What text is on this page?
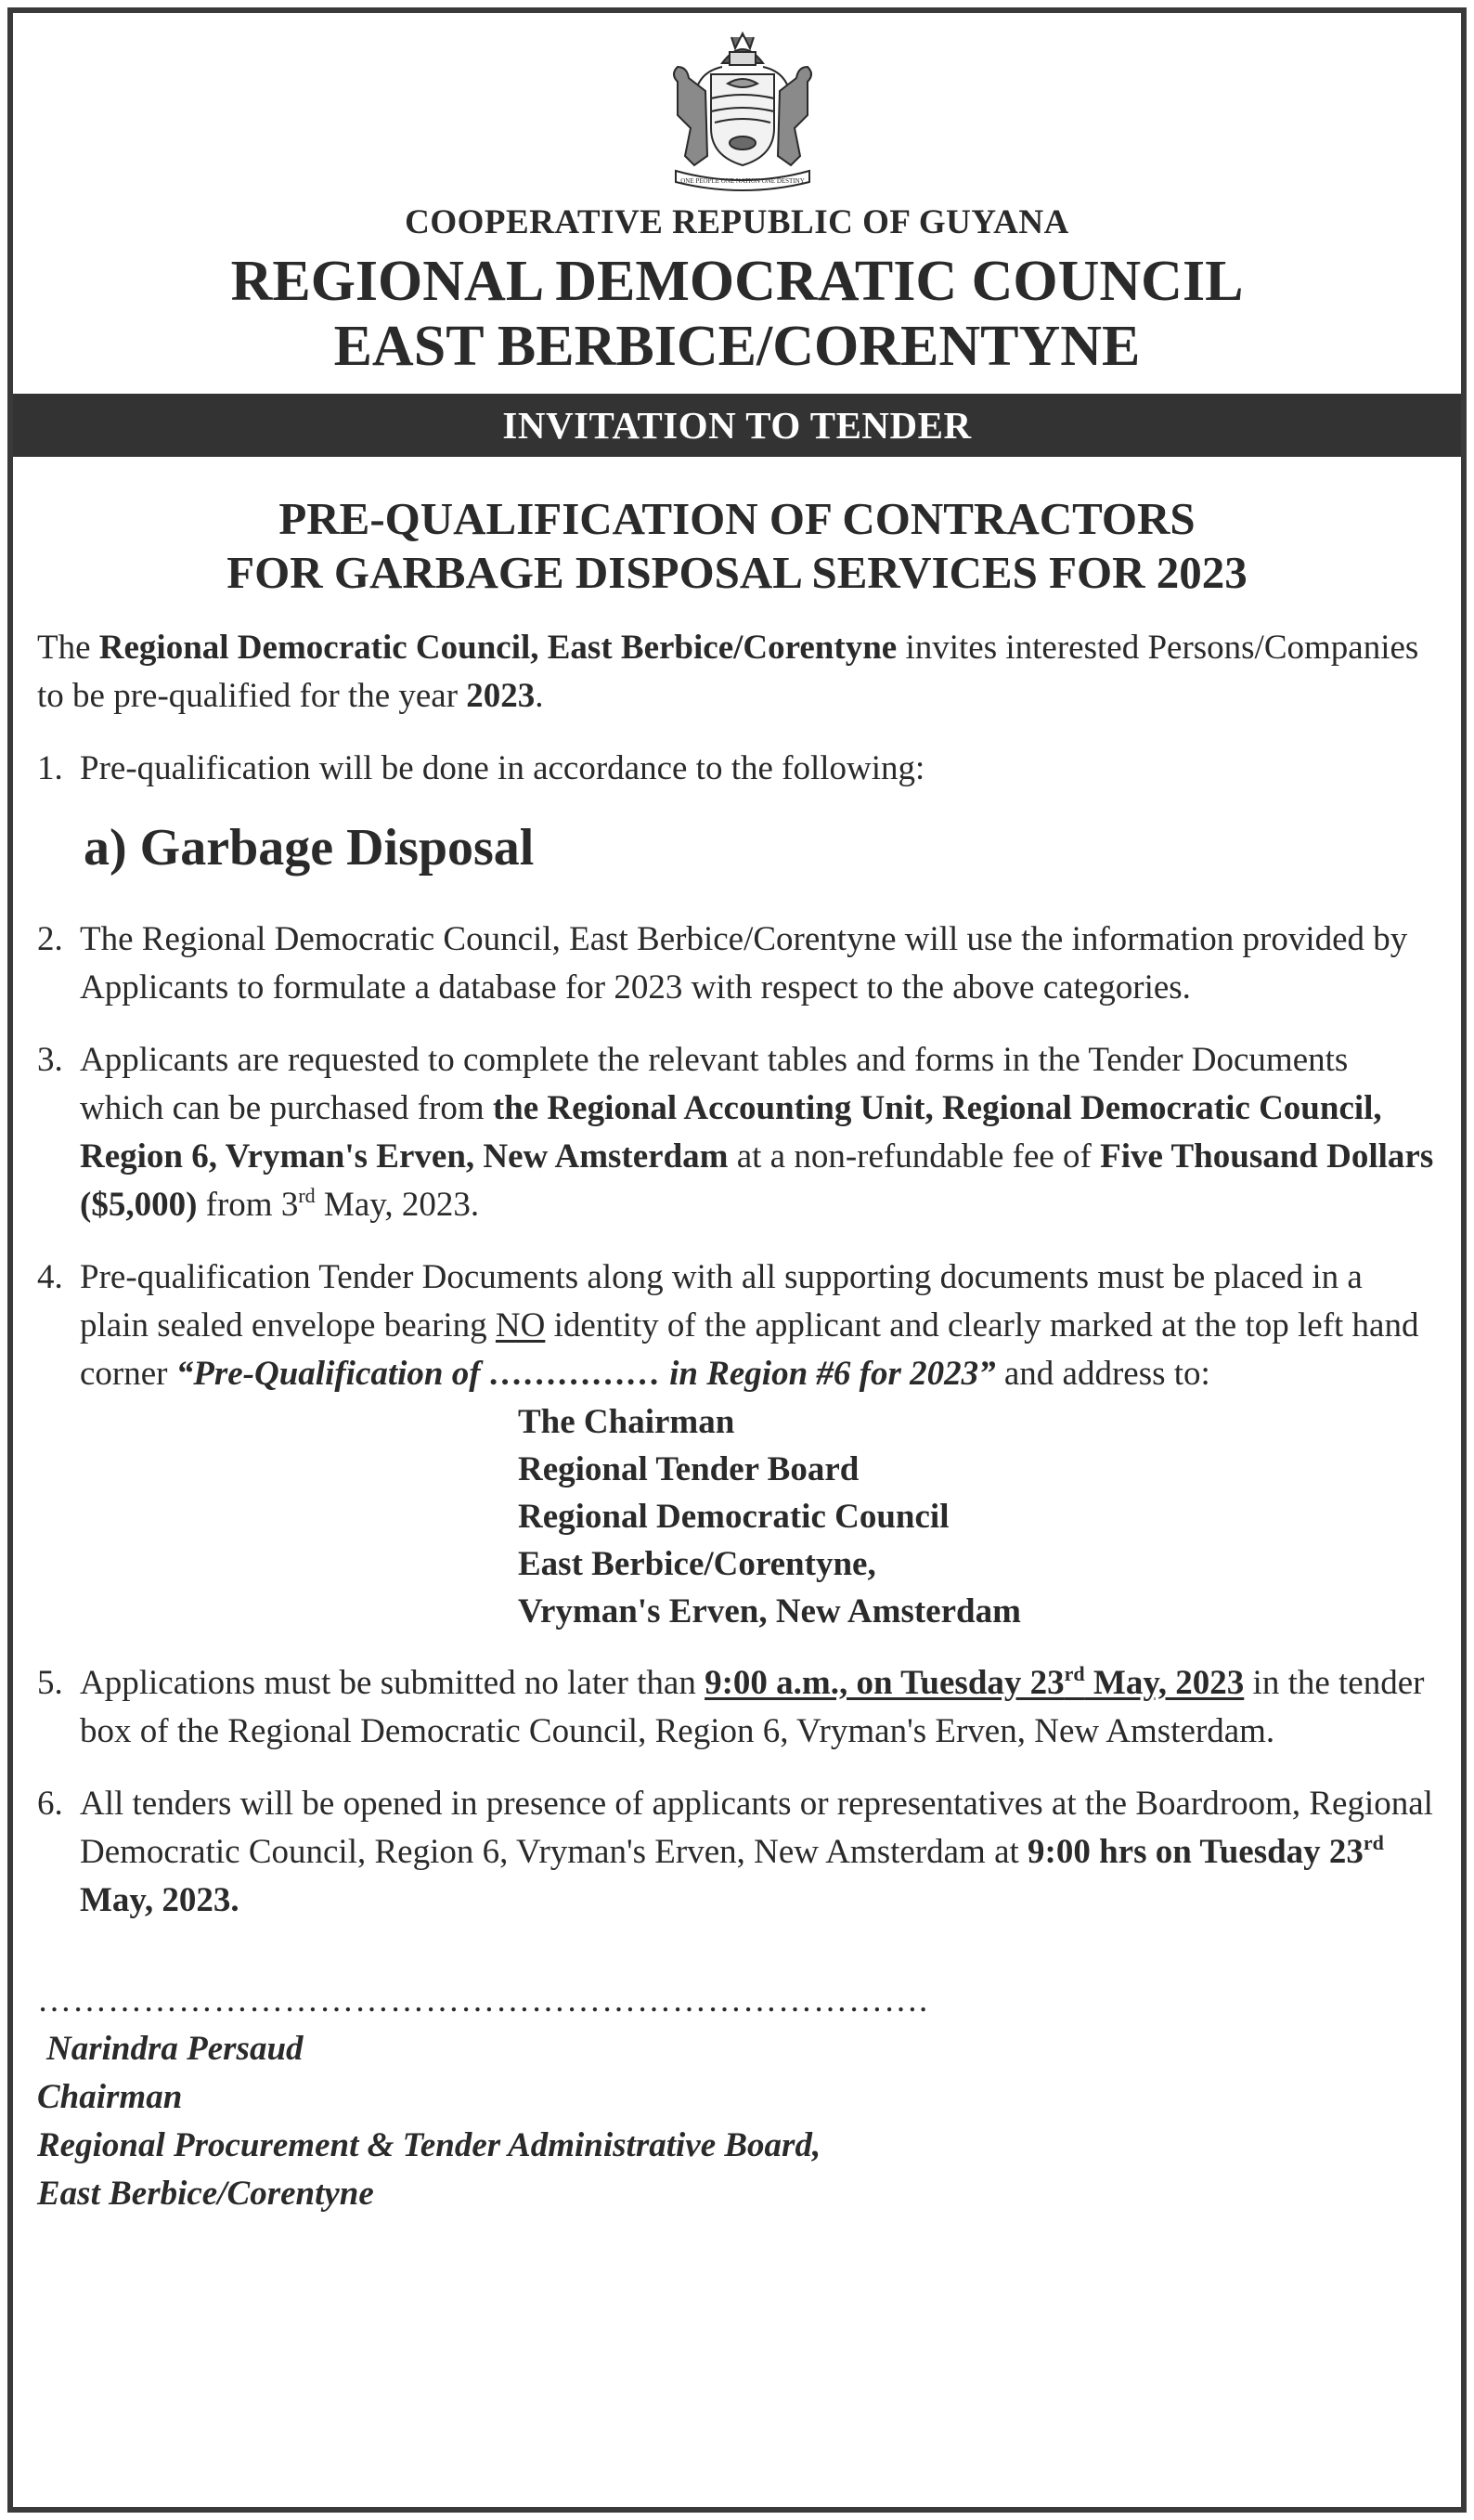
ONE PEOPLE ONE NATION ONE DESTINY
COOPERATIVE REPUBLIC OF GUYANA
REGIONAL DEMOCRATIC COUNCIL
EAST BERBICE/CORENTYNE
INVITATION TO TENDER
PRE-QUALIFICATION OF CONTRACTORS
FOR GARBAGE DISPOSAL SERVICES FOR 2023

The Regional Democratic Council, East Berbice/Corentyne invites interested Persons/Companies to be pre-qualified for the year 2023.

1. Pre-qualification will be done in accordance to the following:
a) Garbage Disposal
2. The Regional Democratic Council, East Berbice/Corentyne will use the information provided by Applicants to formulate a database for 2023 with respect to the above categories.
3. Applicants are requested to complete the relevant tables and forms in the Tender Documents which can be purchased from the Regional Accounting Unit, Regional Democratic Council, Region 6, Vryman's Erven, New Amsterdam at a non-refundable fee of Five Thousand Dollars ($5,000) from 3rd May, 2023.
4. Pre-qualification Tender Documents along with all supporting documents must be placed in a plain sealed envelope bearing NO identity of the applicant and clearly marked at the top left hand corner “Pre-Qualification of …………… in Region #6 for 2023” and address to:
The Chairman
Regional Tender Board
Regional Democratic Council
East Berbice/Corentyne,
Vryman's Erven, New Amsterdam
5. Applications must be submitted no later than 9:00 a.m., on Tuesday 23rd May, 2023 in the tender box of the Regional Democratic Council, Region 6, Vryman's Erven, New Amsterdam.
6. All tenders will be opened in presence of applicants or representatives at the Boardroom, Regional Democratic Council, Region 6, Vryman's Erven, New Amsterdam at 9:00 hrs on Tuesday 23rd May, 2023.
………………………………………………………………….
Narindra Persaud
Chairman
Regional Procurement & Tender Administrative Board,
East Berbice/Corentyne
